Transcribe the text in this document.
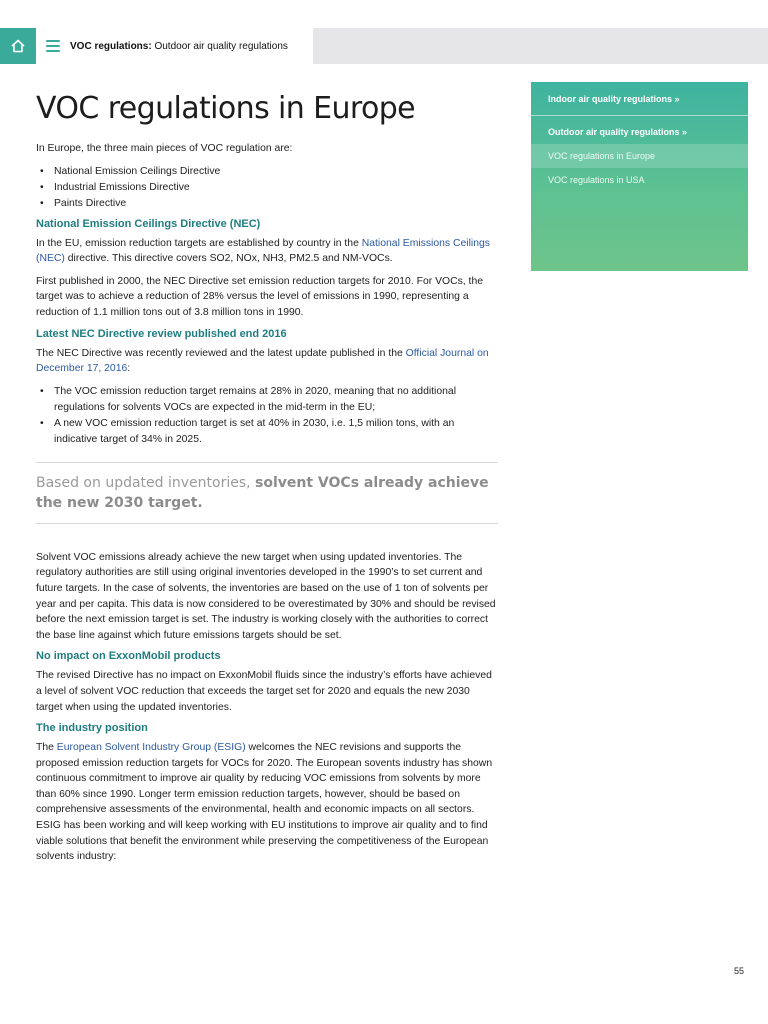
VOC regulations: Outdoor air quality regulations
VOC regulations in Europe

In Europe, the three main pieces of VOC regulation are:

• National Emission Ceilings Directive
• Industrial Emissions Directive
• Paints Directive
National Emission Ceilings Directive (NEC)

In the EU, emission reduction targets are established by country in the National Emissions Ceilings (NEC) directive. This directive covers SO2, NOx, NH3, PM2.5 and NM-VOCs.

First published in 2000, the NEC Directive set emission reduction targets for 2010. For VOCs, the target was to achieve a reduction of 28% versus the level of emissions in 1990, representing a reduction of 1.1 million tons out of 3.8 million tons in 1990.

Latest NEC Directive review published end 2016

The NEC Directive was recently reviewed and the latest update published in the Official Journal on December 17, 2016:

• The VOC emission reduction target remains at 28% in 2020, meaning that no additional regulations for solvents VOCs are expected in the mid-term in the EU;
• A new VOC emission reduction target is set at 40% in 2030, i.e. 1,5 milion tons, with an indicative target of 34% in 2025.
Based on updated inventories, solvent VOCs already achieve the new 2030 target.

Solvent VOC emissions already achieve the new target when using updated inventories. The regulatory authorities are still using original inventories developed in the 1990’s to set current and future targets. In the case of solvents, the inventories are based on the use of 1 ton of solvents per year and per capita. This data is now considered to be overestimated by 30% and should be revised before the next emission target is set. The industry is working closely with the authorities to correct the base line against which future emissions targets should be set.

No impact on ExxonMobil products

The revised Directive has no impact on ExxonMobil fluids since the industry’s efforts have achieved a level of solvent VOC reduction that exceeds the target set for 2020 and equals the new 2030 target when using the updated inventories.

The industry position

The European Solvent Industry Group (ESIG) welcomes the NEC revisions and supports the proposed emission reduction targets for VOCs for 2020. The European sovents industry has shown continuous commitment to improve air quality by reducing VOC emissions from solvents by more than 60% since 1990. Longer term emission reduction targets, however, should be based on comprehensive assessments of the environmental, health and economic impacts on all sectors. ESIG has been working and will keep working with EU institutions to improve air quality and to find viable solutions that benefit the environment while preserving the competitiveness of the European solvents industry:

Indoor air quality regulations »
Outdoor air quality regulations »
VOC regulations in Europe
VOC regulations in USA
55
